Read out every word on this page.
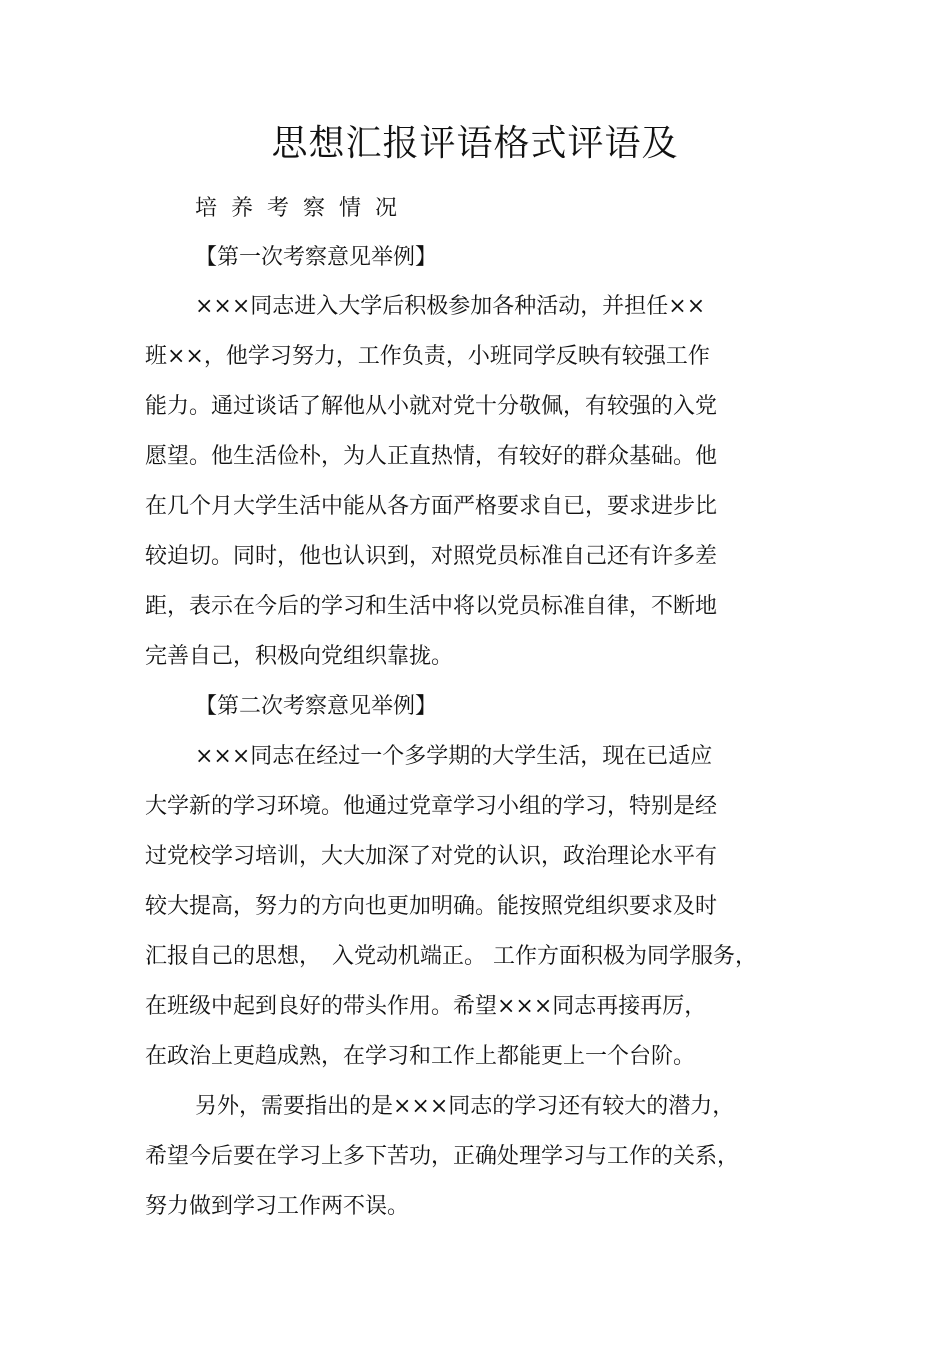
思想汇报评语格式评语及
培养考察情况
【第一次考察意见举例】
×××同志进入大学后积极参加各种活动，并担任××
班××，他学习努力，工作负责，小班同学反映有较强工作
能力。通过谈话了解他从小就对党十分敬佩，有较强的入党
愿望。他生活俭朴，为人正直热情，有较好的群众基础。他
在几个月大学生活中能从各方面严格要求自已，要求进步比
较迫切。同时，他也认识到，对照党员标准自己还有许多差
距，表示在今后的学习和生活中将以党员标准自律，不断地
完善自己，积极向党组织靠拢。
【第二次考察意见举例】
×××同志在经过一个多学期的大学生活，现在已适应
大学新的学习环境。他通过党章学习小组的学习，特别是经
过党校学习培训，大大加深了对党的认识，政治理论水平有
较大提高，努力的方向也更加明确。能按照党组织要求及时
汇报自己的思想，　入党动机端正。 工作方面积极为同学服务，
在班级中起到良好的带头作用。希望×××同志再接再厉，
在政治上更趋成熟，在学习和工作上都能更上一个台阶。
另外，需要指出的是×××同志的学习还有较大的潜力，
希望今后要在学习上多下苦功，正确处理学习与工作的关系，
努力做到学习工作两不误。
